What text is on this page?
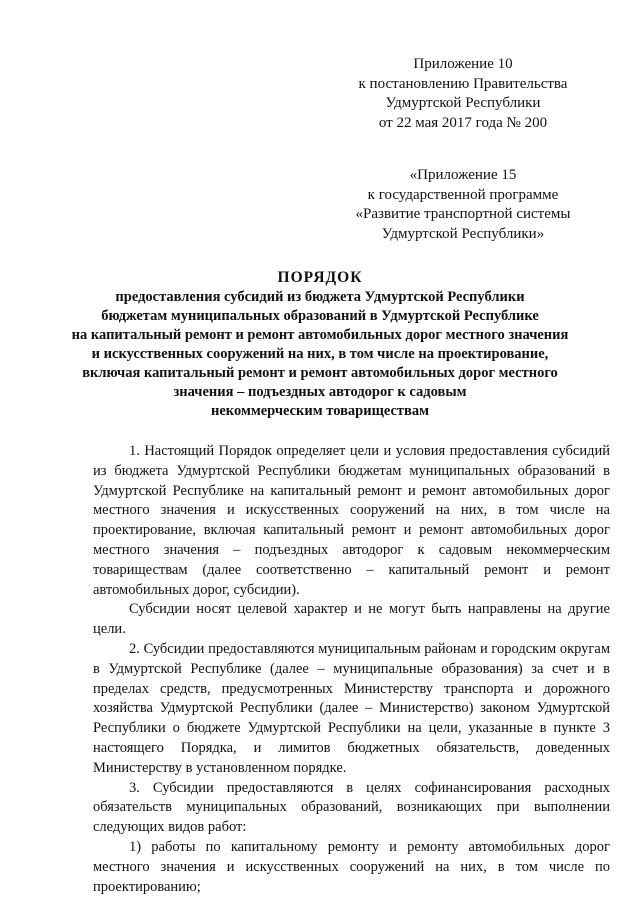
Приложение 10
к постановлению Правительства
Удмуртской Республики
от 22 мая 2017 года № 200
«Приложение 15
к государственной программе
«Развитие транспортной системы
Удмуртской Республики»
ПОРЯДОК
предоставления субсидий из бюджета Удмуртской Республики
бюджетам муниципальных образований в Удмуртской Республике
на капитальный ремонт и ремонт автомобильных дорог местного значения
и искусственных сооружений на них, в том числе на проектирование,
включая капитальный ремонт и ремонт автомобильных дорог местного
значения – подъездных автодорог к садовым
некоммерческим товариществам

1. Настоящий Порядок определяет цели и условия предоставления субсидий из бюджета Удмуртской Республики бюджетам муниципальных образований в Удмуртской Республике на капитальный ремонт и ремонт автомобильных дорог местного значения и искусственных сооружений на них, в том числе на проектирование, включая капитальный ремонт и ремонт автомобильных дорог местного значения – подъездных автодорог к садовым некоммерческим товариществам (далее соответственно – капитальный ремонт и ремонт автомобильных дорог, субсидии).

Субсидии носят целевой характер и не могут быть направлены на другие цели.

2. Субсидии предоставляются муниципальным районам и городским округам в Удмуртской Республике (далее – муниципальные образования) за счет и в пределах средств, предусмотренных Министерству транспорта и дорожного хозяйства Удмуртской Республики (далее – Министерство) законом Удмуртской Республики о бюджете Удмуртской Республики на цели, указанные в пункте 3 настоящего Порядка, и лимитов бюджетных обязательств, доведенных Министерству в установленном порядке.

3. Субсидии предоставляются в целях софинансирования расходных обязательств муниципальных образований, возникающих при выполнении следующих видов работ:

1) работы по капитальному ремонту и ремонту автомобильных дорог местного значения и искусственных сооружений на них, в том числе по проектированию;
